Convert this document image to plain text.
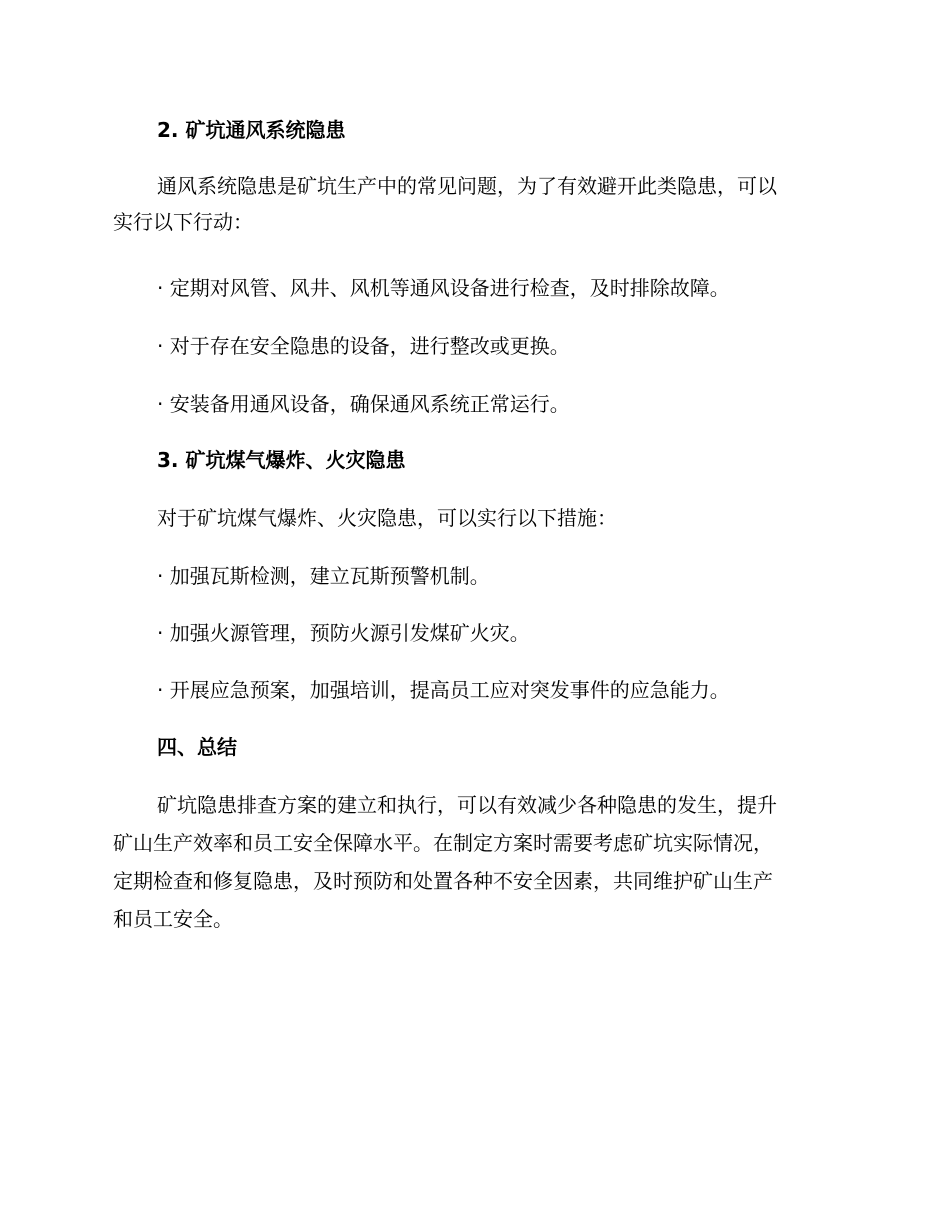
2. 矿坑通风系统隐患
通风系统隐患是矿坑生产中的常见问题，为了有效避开此类隐患，可以
实行以下行动：
· 定期对风管、风井、风机等通风设备进行检查，及时排除故障。
· 对于存在安全隐患的设备，进行整改或更换。
· 安装备用通风设备，确保通风系统正常运行。
3. 矿坑煤气爆炸、火灾隐患
对于矿坑煤气爆炸、火灾隐患，可以实行以下措施：
· 加强瓦斯检测，建立瓦斯预警机制。
· 加强火源管理，预防火源引发煤矿火灾。
· 开展应急预案，加强培训，提高员工应对突发事件的应急能力。
四、总结
矿坑隐患排查方案的建立和执行，可以有效减少各种隐患的发生，提升
矿山生产效率和员工安全保障水平。在制定方案时需要考虑矿坑实际情况，
定期检查和修复隐患，及时预防和处置各种不安全因素，共同维护矿山生产
和员工安全。
